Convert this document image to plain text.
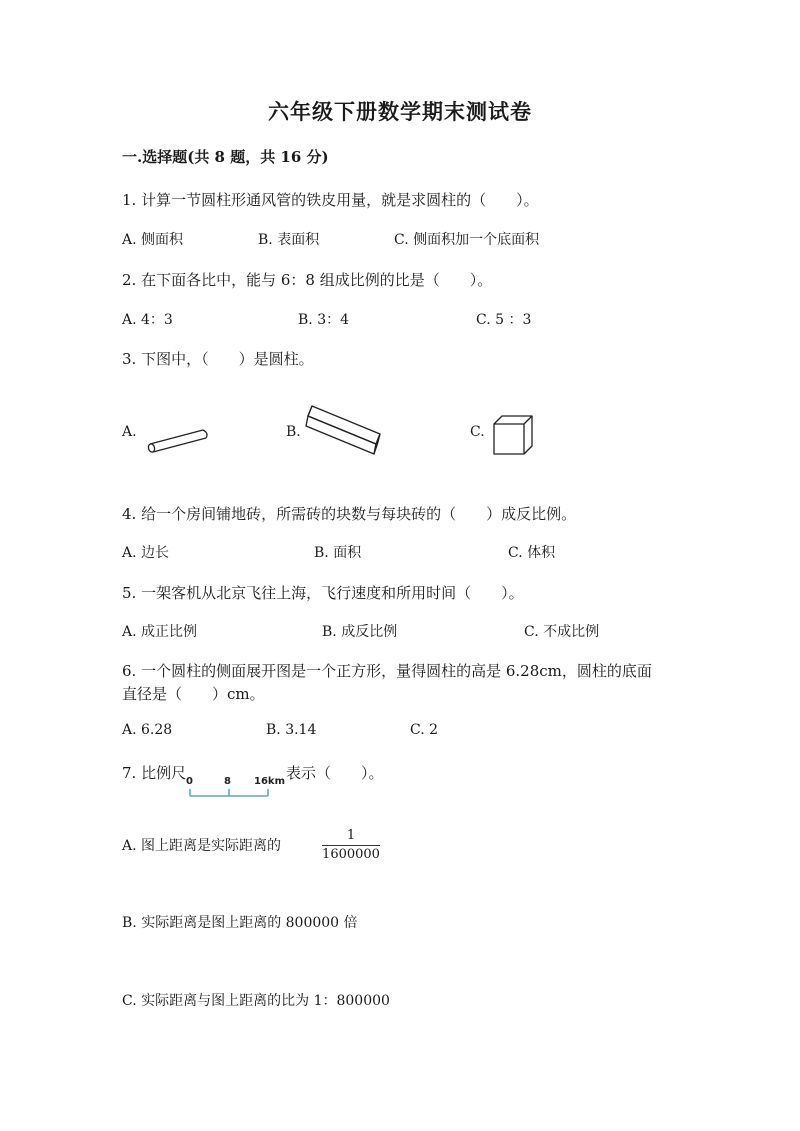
六年级下册数学期末测试卷
一.选择题(共 8 题，共 16 分)
1. 计算一节圆柱形通风管的铁皮用量，就是求圆柱的（　　）。
A. 侧面积	B. 表面积	C. 侧面积加一个底面积
2. 在下面各比中，能与 6：8 组成比例的比是（　　）。
A. 4：3	B. 3：4	C. 5 ：3
3. 下图中，（　　）是圆柱。
A.	B.	C.
4. 给一个房间铺地砖，所需砖的块数与每块砖的（　　）成反比例。
A. 边长	B. 面积	C. 体积
5. 一架客机从北京飞往上海，飞行速度和所用时间（　　）。
A. 成正比例	B. 成反比例	C. 不成比例
6. 一个圆柱的侧面展开图是一个正方形，量得圆柱的高是 6.28cm，圆柱的底面
直径是（　　）cm。
A. 6.28	B. 3.14	C. 2
7. 比例尺 0	8 16km 表示（　　）。
A. 图上距离是实际距离的
1
1600000
B. 实际距离是图上距离的 800000 倍
C. 实际距离与图上距离的比为 1：800000
